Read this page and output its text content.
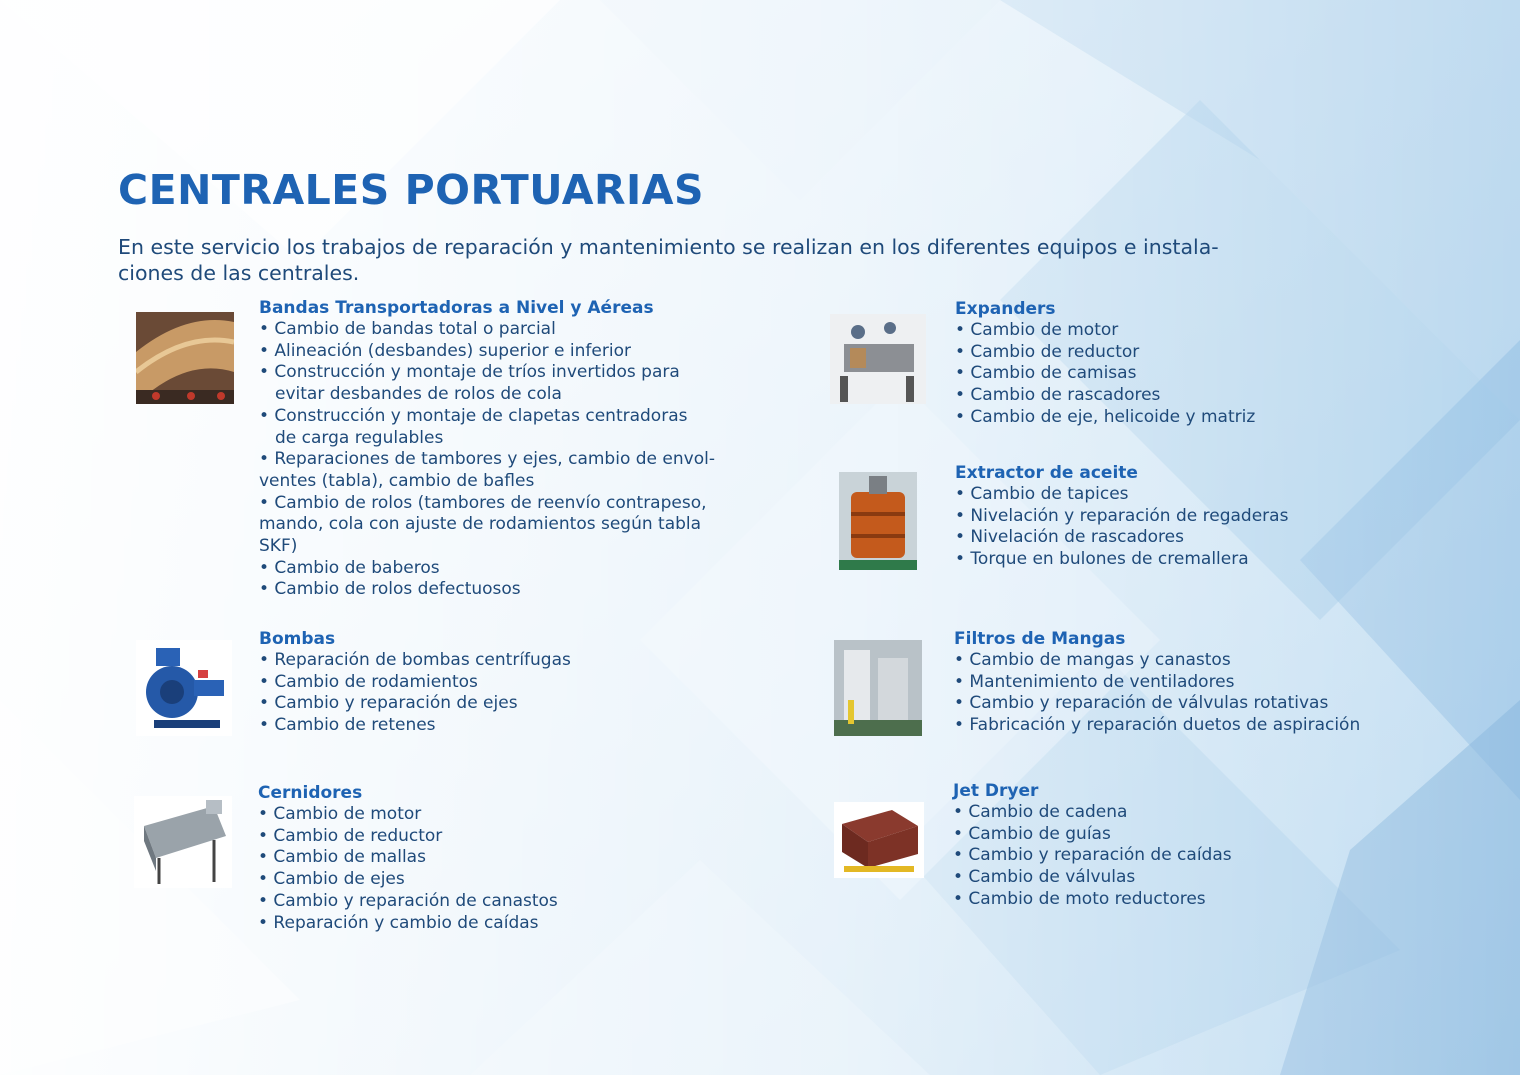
CENTRALES PORTUARIAS

En este servicio los trabajos de reparación y mantenimiento se realizan en los diferentes equipos e instala-
ciones de las centrales.

Bandas Transportadoras a Nivel y Aéreas
• Cambio de bandas total o parcial
• Alineación (desbandes) superior e inferior
• Construcción y montaje de tríos invertidos para
evitar desbandes de rolos de cola
• Construcción y montaje de clapetas centradoras
de carga regulables
• Reparaciones de tambores y ejes, cambio de envol-
ventes (tabla), cambio de bafles
• Cambio de rolos (tambores de reenvío contrapeso,
mando, cola con ajuste de rodamientos según tabla
SKF)
• Cambio de baberos
• Cambio de rolos defectuosos
Bombas
• Reparación de bombas centrífugas
• Cambio de rodamientos
• Cambio y reparación de ejes
• Cambio de retenes
Cernidores
• Cambio de motor
• Cambio de reductor
• Cambio de mallas
• Cambio de ejes
• Cambio y reparación de canastos
• Reparación y cambio de caídas
Expanders
• Cambio de motor
• Cambio de reductor
• Cambio de camisas
• Cambio de rascadores
• Cambio de eje, helicoide y matriz
Extractor de aceite
• Cambio de tapices
• Nivelación y reparación de regaderas
• Nivelación de rascadores
• Torque en bulones de cremallera
Filtros de Mangas
• Cambio de mangas y canastos
• Mantenimiento de ventiladores
• Cambio y reparación de válvulas rotativas
• Fabricación y reparación duetos de aspiración
Jet Dryer
• Cambio de cadena
• Cambio de guías
• Cambio y reparación de caídas
• Cambio de válvulas
• Cambio de moto reductores
